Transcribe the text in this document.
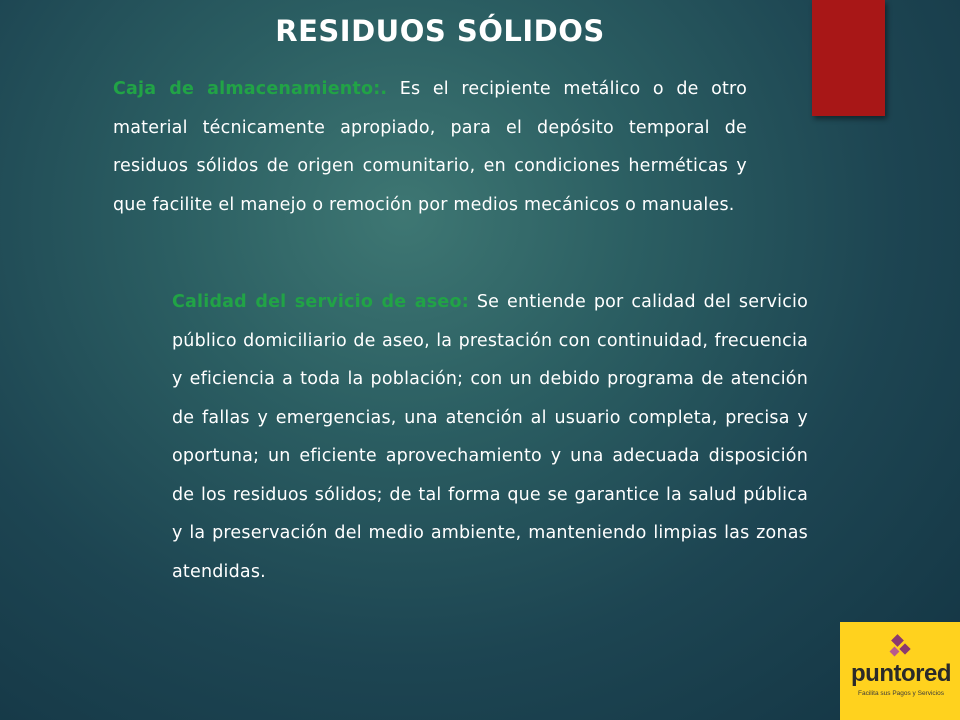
RESIDUOS SÓLIDOS
Caja de almacenamiento:. Es el recipiente metálico o de otro material técnicamente apropiado, para el depósito temporal de residuos sólidos de origen comunitario, en condiciones herméticas y que facilite el manejo o remoción por medios mecánicos o manuales.
Calidad del servicio de aseo: Se entiende por calidad del servicio público domiciliario de aseo, la prestación con continuidad, frecuencia y eficiencia a toda la población; con un debido programa de atención de fallas y emergencias, una atención al usuario completa, precisa y oportuna; un eficiente aprovechamiento y una adecuada disposición de los residuos sólidos; de tal forma que se garantice la salud pública y la preservación del medio ambiente, manteniendo limpias las zonas atendidas.
puntored
Facilita sus Pagos y Servicios
